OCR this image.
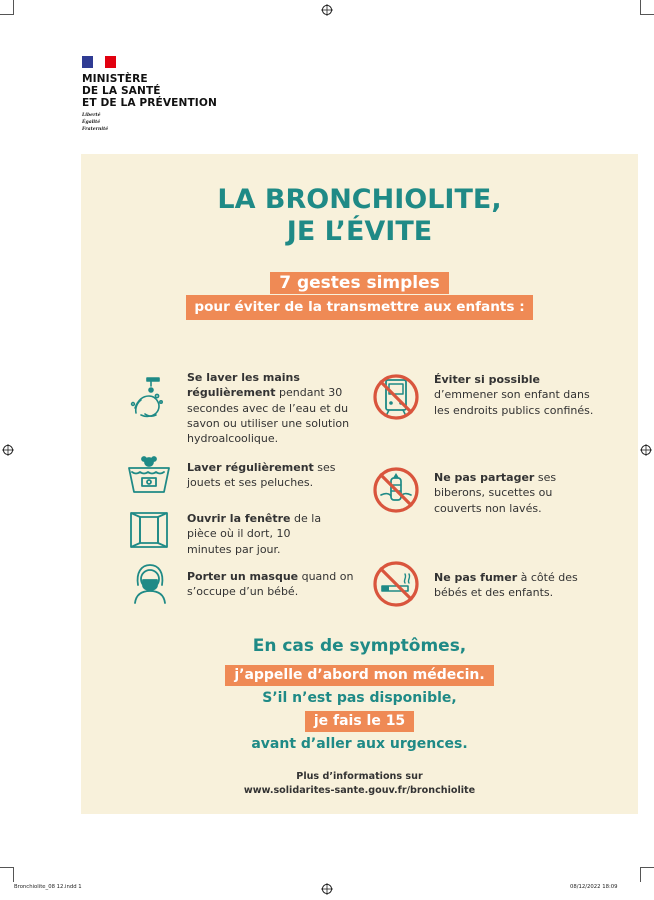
MINISTÈRE
DE LA SANTÉ
ET DE LA PRÉVENTION
Liberté
Égalité
Fraternité
LA BRONCHIOLITE,
JE L’ÉVITE
7 gestes simples
pour éviter de la transmettre aux enfants :
Se laver les mains régulièrement pendant 30 secondes avec de l’eau et du savon ou utiliser une solution hydroalcoolique.
Laver régulièrement ses jouets et ses peluches.
Ouvrir la fenêtre de la pièce où il dort, 10 minutes par jour.
Porter un masque quand on s’occupe d’un bébé.
Éviter si possible d’emmener son enfant dans les endroits publics confinés.
Ne pas partager ses biberons, sucettes ou couverts non lavés.
Ne pas fumer à côté des bébés et des enfants.
En cas de symptômes,
j’appelle d’abord mon médecin.
S’il n’est pas disponible,
je fais le 15
avant d’aller aux urgences.
Plus d’informations sur
www.solidarites-sante.gouv.fr/bronchiolite
Bronchiolite_08 12.indd 1	08/12/2022 18:09
